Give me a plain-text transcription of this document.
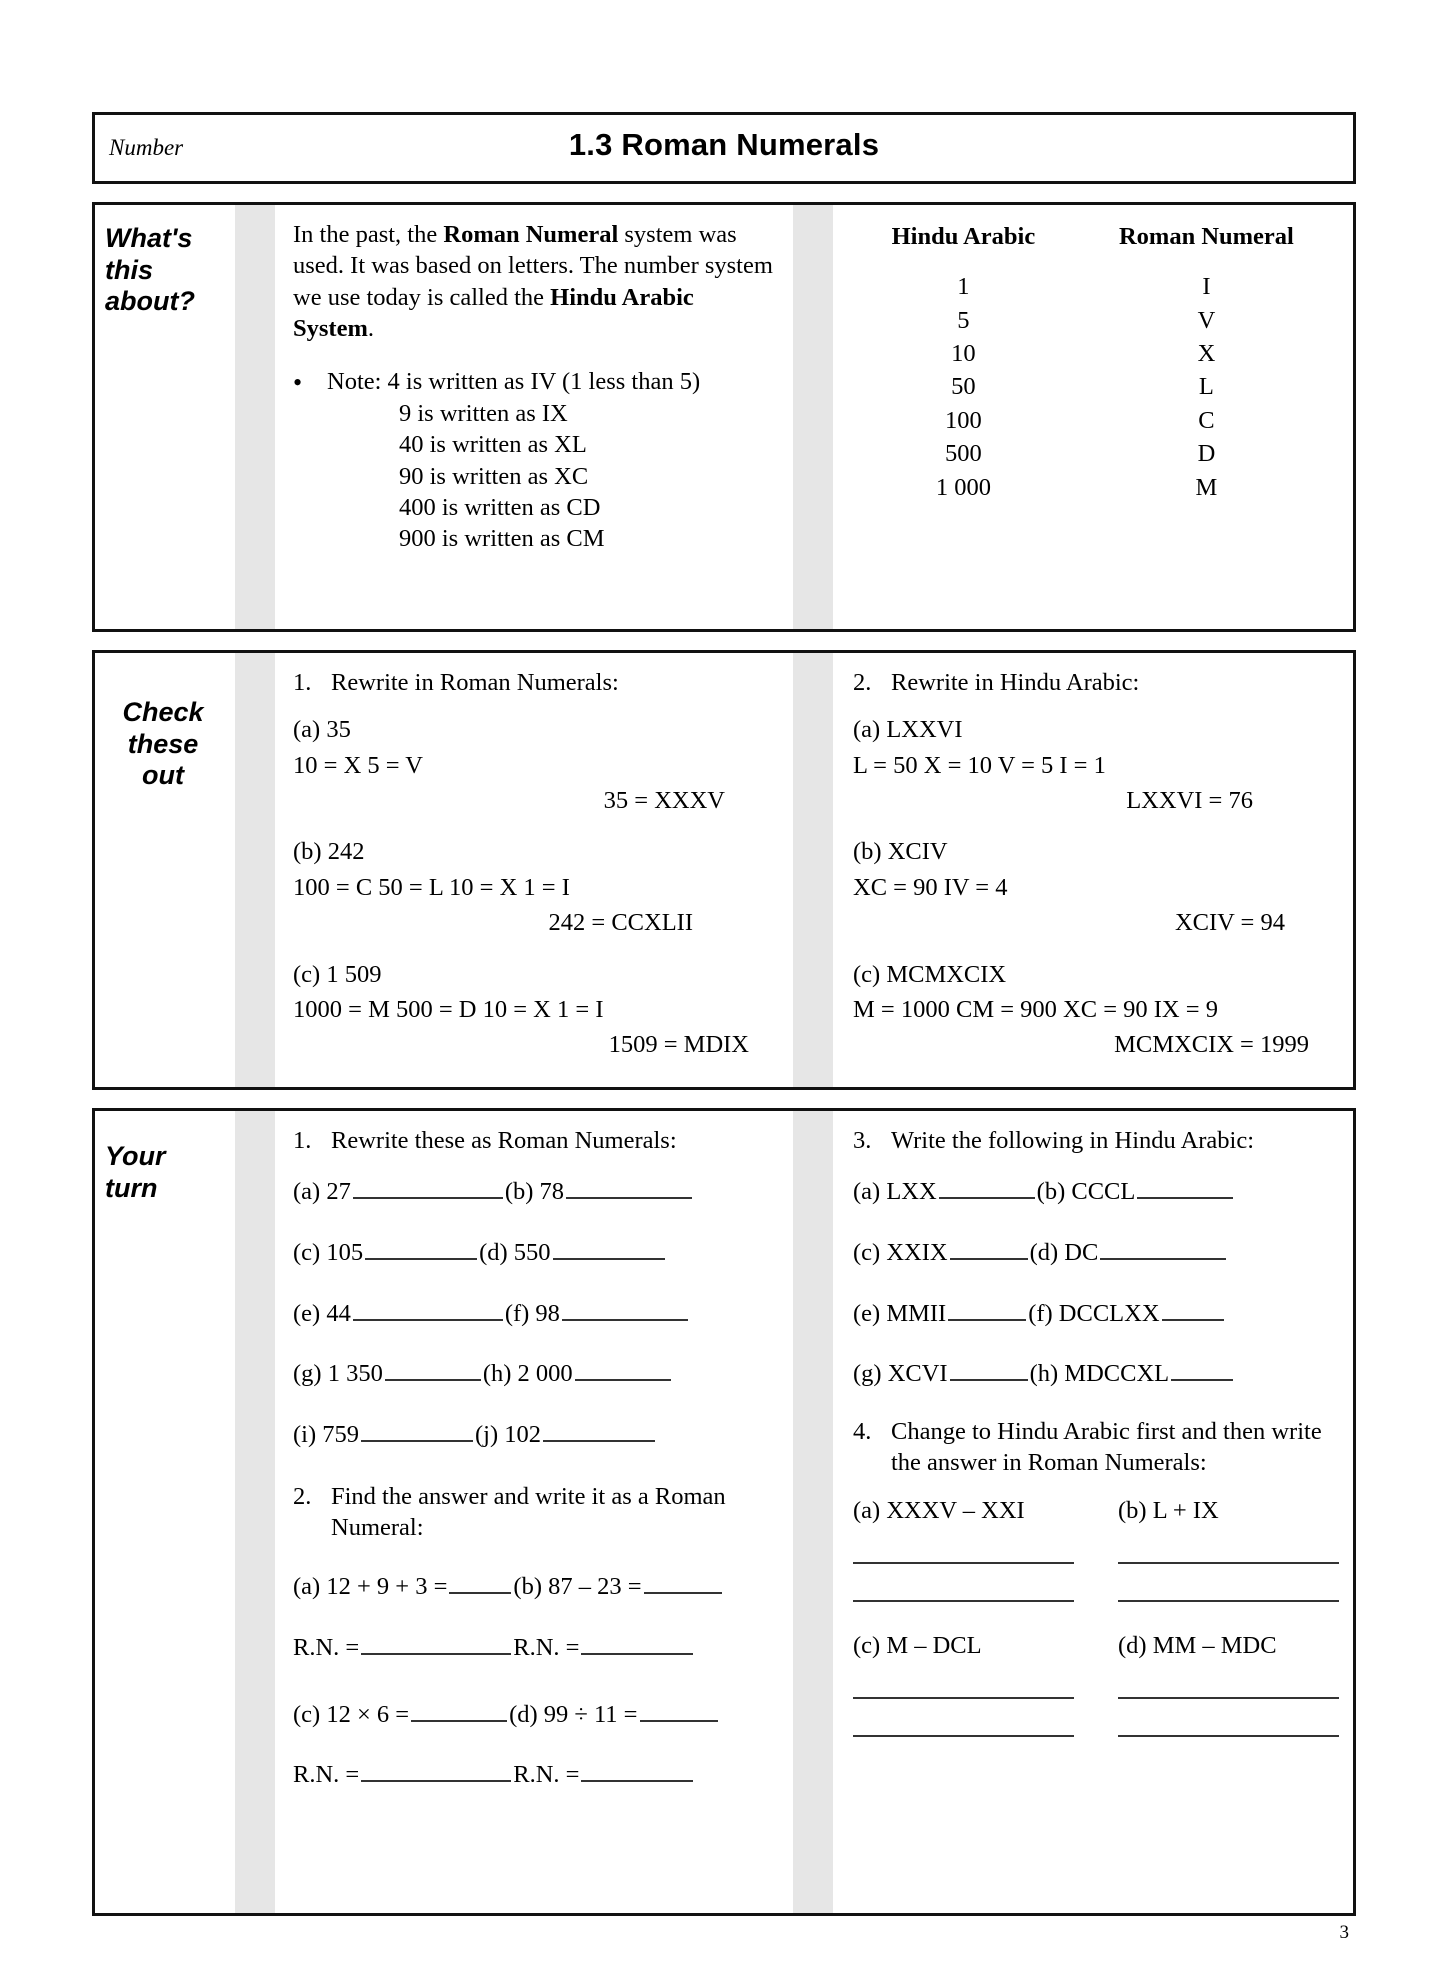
Number	1.3 Roman Numerals
What's
this
about?

In the past, the Roman Numeral system was used. It was based on letters. The number system we use today is called the Hindu Arabic System.

•	Note: 4 is written as IV (1 less than 5)
9 is written as IX
40 is written as XL
90 is written as XC
400 is written as CD
900 is written as CM
Hindu Arabic	Roman Numeral
1	I
5	V
10	X
50	L
100	C
500	D
1 000	M
Check
these
out
1. Rewrite in Roman Numerals:

(a) 35

10 = X 5 = V

35 = XXXV

(b) 242

100 = C 50 = L 10 = X 1 = I

242 = CCXLII

(c) 1 509

1000 = M 500 = D 10 = X 1 = I

1509 = MDIX

2. Rewrite in Hindu Arabic:

(a) LXXVI

L = 50 X = 10 V = 5 I = 1

LXXVI = 76

(b) XCIV

XC = 90 IV = 4

XCIV = 94

(c) MCMXCIX

M = 1000 CM = 900 XC = 90 IX = 9

MCMXCIX = 1999

Your
turn
1. Rewrite these as Roman Numerals:
(a) 27	(b) 78
(c) 105	(d) 550
(e) 44	(f) 98
(g) 1 350	(h) 2 000
(i) 759	(j) 102
2. Find the answer and write it as a Roman Numeral:
(a) 12 + 9 + 3 =	(b) 87 – 23 =
R.N. =	R.N. =
(c) 12 × 6 =	(d) 99 ÷ 11 =
R.N. =	R.N. =
3. Write the following in Hindu Arabic:
(a) LXX	(b) CCCL
(c) XXIX	(d) DC
(e) MMII	(f) DCCLXX
(g) XCVI	(h) MDCCXL
4. Change to Hindu Arabic first and then write the answer in Roman Numerals:
(a) XXXV – XXI	(b) L + IX
(c) M – DCL	(d) MM – MDC
3
